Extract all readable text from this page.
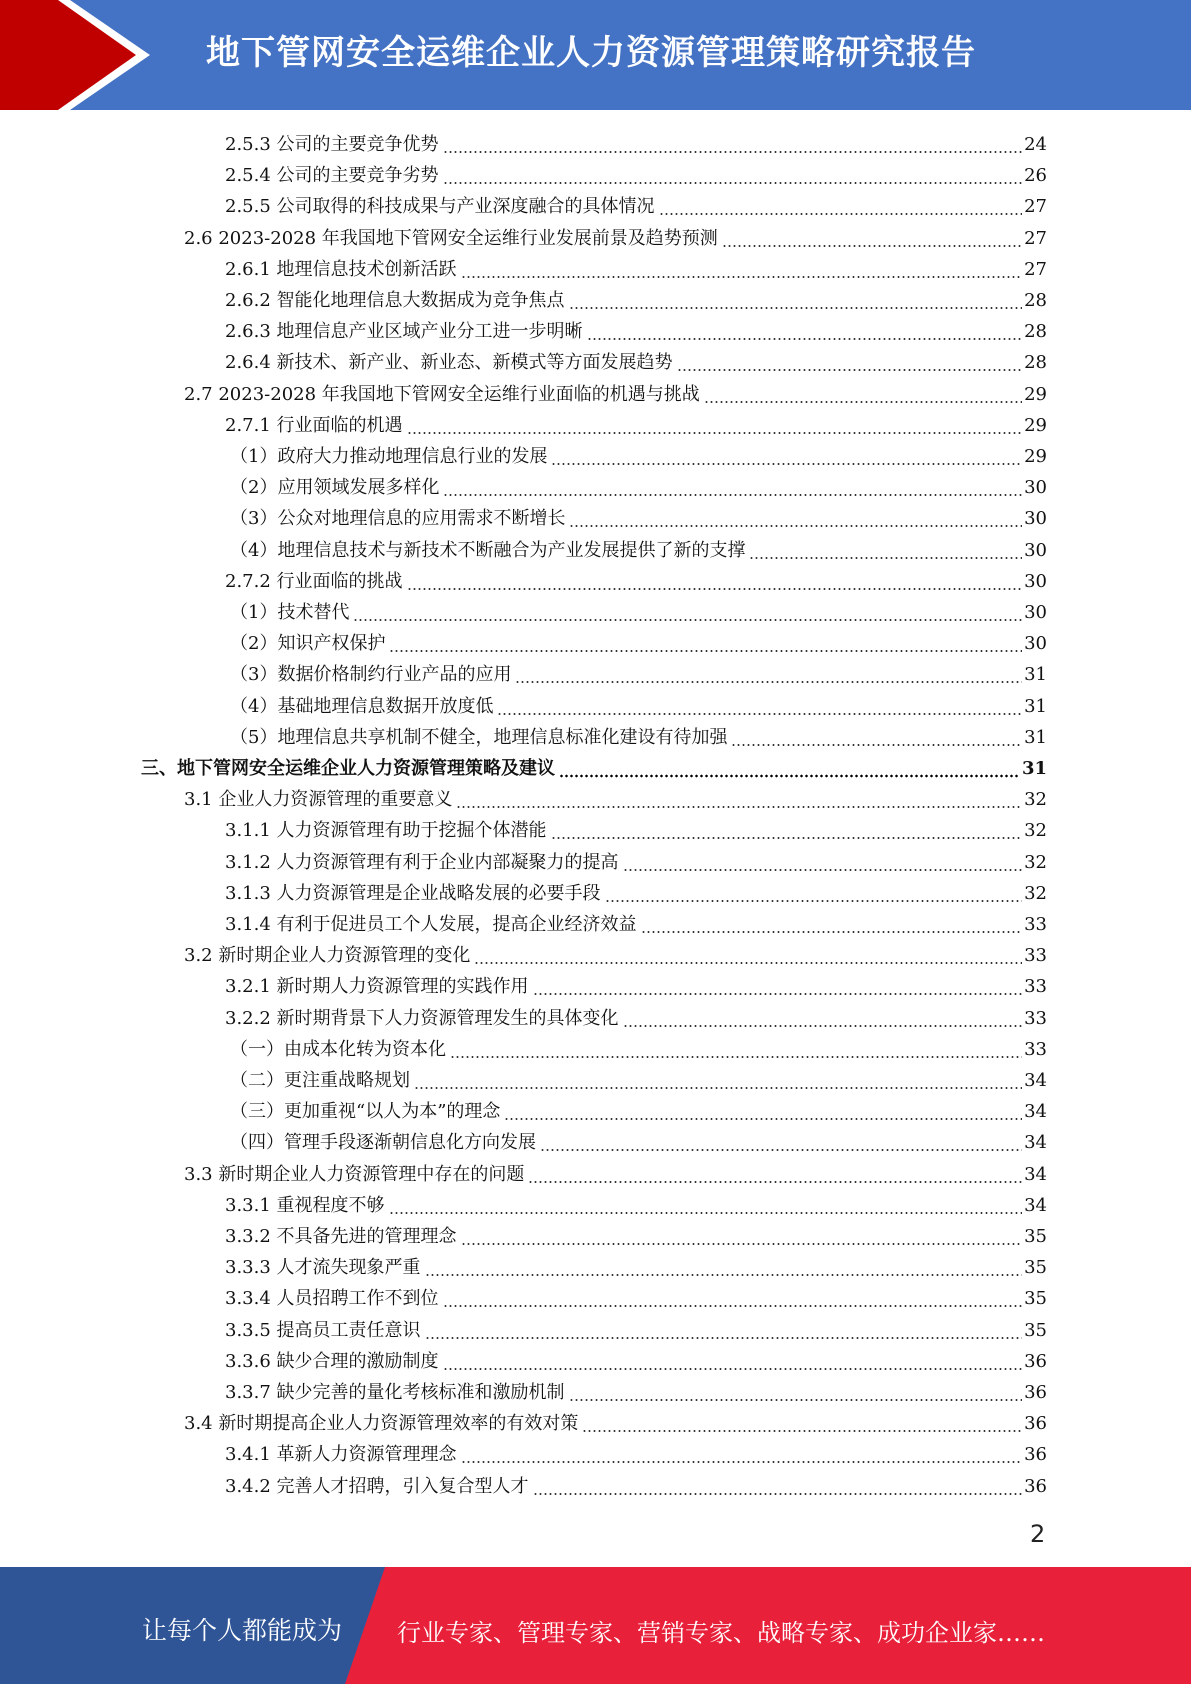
地下管网安全运维企业人力资源管理策略研究报告
2.5.3 公司的主要竞争优势	24
2.5.4 公司的主要竞争劣势	26
2.5.5 公司取得的科技成果与产业深度融合的具体情况	27
2.6 2023-2028 年我国地下管网安全运维行业发展前景及趋势预测	27
2.6.1 地理信息技术创新活跃	27
2.6.2 智能化地理信息大数据成为竞争焦点	28
2.6.3 地理信息产业区域产业分工进一步明晰	28
2.6.4 新技术、新产业、新业态、新模式等方面发展趋势	28
2.7 2023-2028 年我国地下管网安全运维行业面临的机遇与挑战	29
2.7.1 行业面临的机遇	29
（1）政府大力推动地理信息行业的发展	29
（2）应用领域发展多样化	30
（3）公众对地理信息的应用需求不断增长	30
（4）地理信息技术与新技术不断融合为产业发展提供了新的支撑	30
2.7.2 行业面临的挑战	30
（1）技术替代	30
（2）知识产权保护	30
（3）数据价格制约行业产品的应用	31
（4）基础地理信息数据开放度低	31
（5）地理信息共享机制不健全，地理信息标准化建设有待加强	31
三、地下管网安全运维企业人力资源管理策略及建议	31
3.1 企业人力资源管理的重要意义	32
3.1.1 人力资源管理有助于挖掘个体潜能	32
3.1.2 人力资源管理有利于企业内部凝聚力的提高	32
3.1.3 人力资源管理是企业战略发展的必要手段	32
3.1.4 有利于促进员工个人发展，提高企业经济效益	33
3.2 新时期企业人力资源管理的变化	33
3.2.1 新时期人力资源管理的实践作用	33
3.2.2 新时期背景下人力资源管理发生的具体变化	33
（一）由成本化转为资本化	33
（二）更注重战略规划	34
（三）更加重视“以人为本”的理念	34
（四）管理手段逐渐朝信息化方向发展	34
3.3 新时期企业人力资源管理中存在的问题	34
3.3.1 重视程度不够	34
3.3.2 不具备先进的管理理念	35
3.3.3 人才流失现象严重	35
3.3.4 人员招聘工作不到位	35
3.3.5 提高员工责任意识	35
3.3.6 缺少合理的激励制度	36
3.3.7 缺少完善的量化考核标准和激励机制	36
3.4 新时期提高企业人力资源管理效率的有效对策	36
3.4.1 革新人力资源管理理念	36
3.4.2 完善人才招聘，引入复合型人才	36
2
让每个人都能成为 行业专家、管理专家、营销专家、战略专家、成功企业家……
